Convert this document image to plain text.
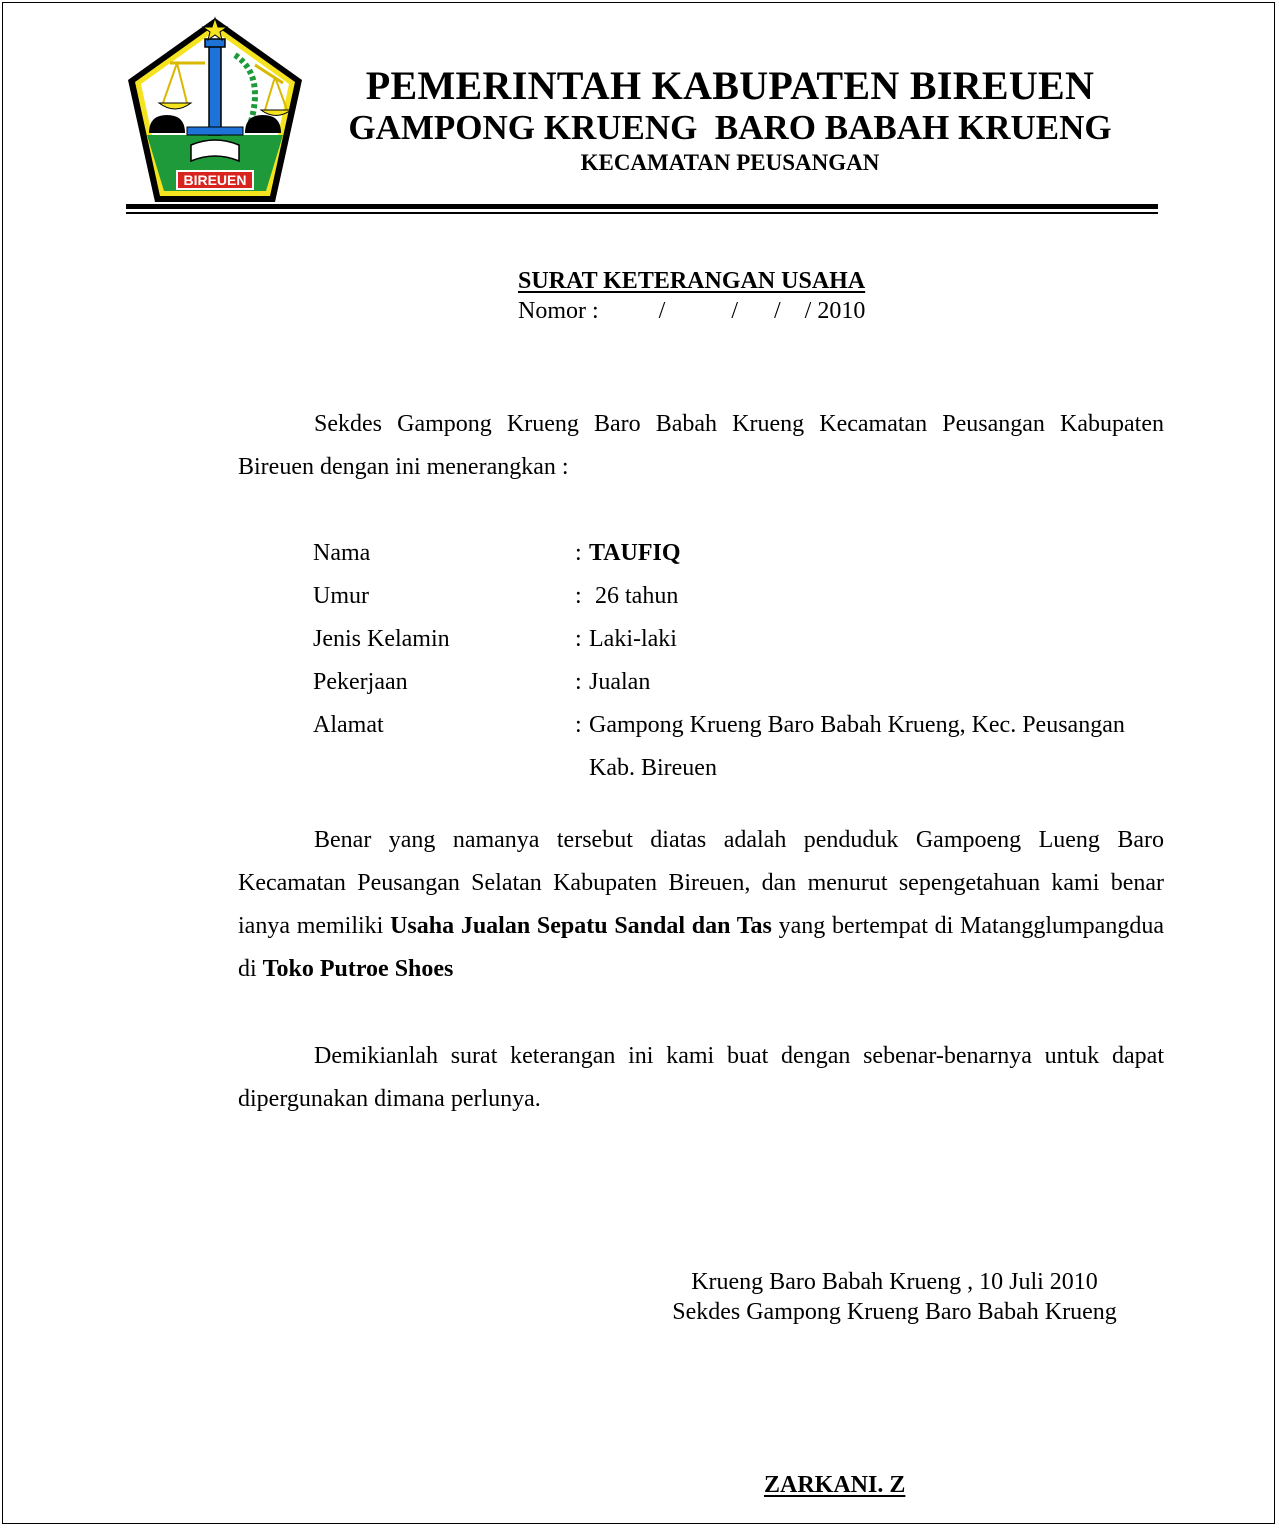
BIREUEN
PEMERINTAH KABUPATEN BIREUEN
GAMPONG KRUENG  BARO BABAH KRUENG
KECAMATAN PEUSANGAN
SURAT KETERANGAN USAHA
Nomor :          /           /      /    / 2010
Sekdes Gampong Krueng Baro Babah Krueng Kecamatan Peusangan Kabupaten Bireuen dengan ini menerangkan :
Nama	: TAUFIQ
Umur	: 26 tahun
Jenis Kelamin	: Laki-laki
Pekerjaan	: Jualan
Alamat	: Gampong Krueng Baro Babah Krueng, Kec. Peusangan
Kab. Bireuen
Benar yang namanya tersebut diatas adalah penduduk Gampoeng Lueng Baro Kecamatan Peusangan Selatan Kabupaten Bireuen, dan menurut sepengetahuan kami benar ianya memiliki Usaha Jualan Sepatu Sandal dan Tas yang bertempat di Matangglumpangdua di Toko Putroe Shoes
Demikianlah surat keterangan ini kami buat dengan sebenar-benarnya untuk dapat dipergunakan dimana perlunya.
Krueng Baro Babah Krueng , 10 Juli 2010
Sekdes Gampong Krueng Baro Babah Krueng
ZARKANI. Z
